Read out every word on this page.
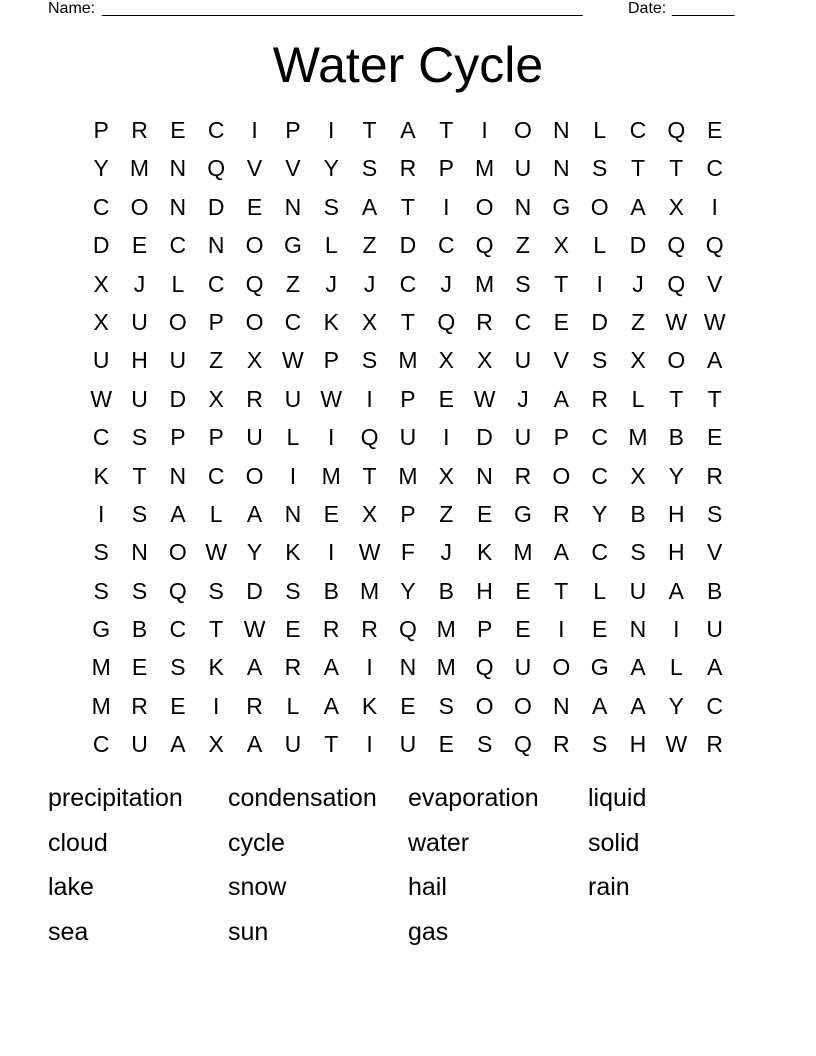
Name: ______________________________________________________	Date: _______
Water Cycle
P R E C	I	P	I	T	A	T	I	O N	L	C Q E
Y M N Q V	V	Y	S R P M U N S	T	T	C
C O N D E N S	A	T	I	O N G O A	X	I
D E C N O G	L	Z	D C Q Z	X	L	D Q Q
X	J	L	C Q Z	J	J	C	J	M S	T	I	J	Q V
X U O P O C K	X	T Q R C E D	Z W W
U H U	Z	X W P	S M X	X U V	S	X O A
W U D X R U W	I	P	E W J	A R	L	T	T
C S	P	P U	L	I	Q U	I	D U P C M B	E
K	T	N C O	I	M T M X N R O C X	Y R
I	S	A	L	A N E	X	P	Z	E G R Y	B H S
S N O W Y	K	I	W F	J	K M A C S H V
S	S Q S D S	B M Y	B H E	T	L	U A	B
G B C	T W E R R Q M P	E	I	E N	I	U
M E	S	K	A R A	I	N M Q U O G A	L	A
M R E	I	R	L	A	K	E	S O O N A	A	Y C
C U A	X	A U	T	I	U E	S Q R S H W R
precipitation	condensation	evaporation	liquid
cloud	cycle	water	solid
lake	snow	hail	rain
sea	sun	gas
